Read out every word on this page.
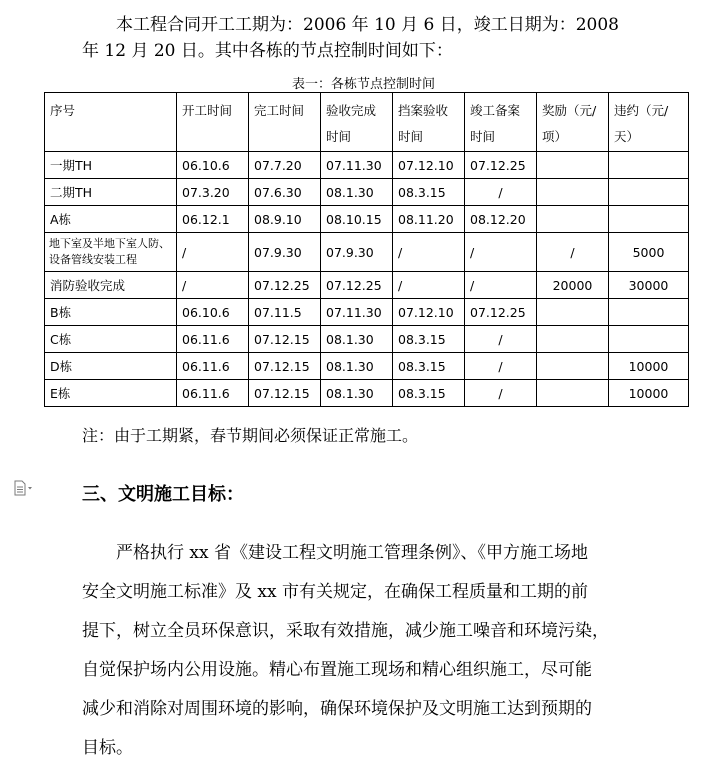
本工程合同开工工期为：2006 年 10 月 6 日，竣工日期为：2008
年 12 月 20 日。其中各栋的节点控制时间如下：
表一：各栋节点控制时间
序号	开工时间	完工时间	验收完成时间	挡案验收时间	竣工备案时间	奖励（元/项）	违约（元/天）
一期TH	06.10.6	07.7.20	07.11.30	07.12.10	07.12.25		
二期TH	07.3.20	07.6.30	08.1.30	08.3.15	/		
A栋	06.12.1	08.9.10	08.10.15	08.11.20	08.12.20		
地下室及半地下室人防、设备管线安装工程	/	07.9.30	07.9.30	/	/	/	5000
消防验收完成	/	07.12.25	07.12.25	/	/	20000	30000
B栋	06.10.6	07.11.5	07.11.30	07.12.10	07.12.25		
C栋	06.11.6	07.12.15	08.1.30	08.3.15	/		
D栋	06.11.6	07.12.15	08.1.30	08.3.15	/		10000
E栋	06.11.6	07.12.15	08.1.30	08.3.15	/		10000
注：由于工期紧，春节期间必须保证正常施工。
三、文明施工目标：
严格执行 xx 省《建设工程文明施工管理条例》、《甲方施工场地
安全文明施工标准》及 xx 市有关规定，在确保工程质量和工期的前
提下，树立全员环保意识，采取有效措施，减少施工噪音和环境污染，
自觉保护场内公用设施。精心布置施工现场和精心组织施工，尽可能
减少和消除对周围环境的影响，确保环境保护及文明施工达到预期的
目标。
